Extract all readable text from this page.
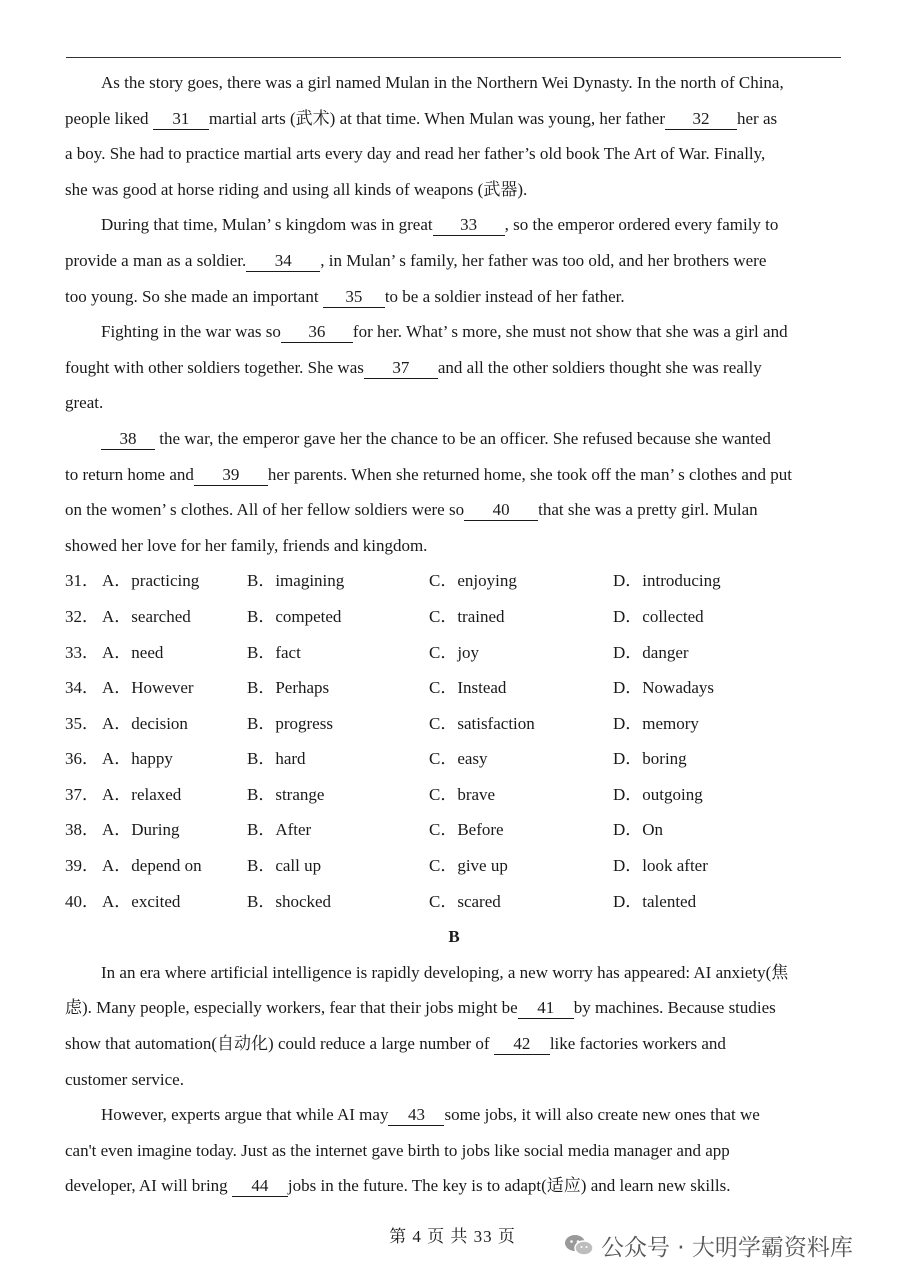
As the story goes, there was a girl named Mulan in the Northern Wei Dynasty. In the north of China,
people liked 31 martial arts (武术) at that time. When Mulan was young, her father 32 her as
a boy. She had to practice martial arts every day and read her father’s old book The Art of War. Finally,
she was good at horse riding and using all kinds of weapons (武器).
During that time, Mulan’ s kingdom was in great 33 , so the emperor ordered every family to
provide a man as a soldier. 34 , in Mulan’ s family, her father was too old, and her brothers were
too young. So she made an important 35 to be a soldier instead of her father.
Fighting in the war was so 36 for her. What’ s more, she must not show that she was a girl and
fought with other soldiers together. She was 37 and all the other soldiers thought she was really
great.
38 the war, the emperor gave her the chance to be an officer. She refused because she wanted
to return home and 39 her parents. When she returned home, she took off the man’ s clothes and put
on the women’ s clothes. All of her fellow soldiers were so 40 that she was a pretty girl. Mulan
showed her love for her family, friends and kingdom.
31． A．practicing	B．imagining	C．enjoying	D．introducing
32． A．searched	B．competed	C．trained	D．collected
33． A．need	B．fact	C．joy	D．danger
34． A．However	B．Perhaps	C．Instead	D．Nowadays
35． A．decision	B．progress	C．satisfaction	D．memory
36． A．happy	B．hard	C．easy	D．boring
37． A．relaxed	B．strange	C．brave	D．outgoing
38． A．During	B．After	C．Before	D．On
39． A．depend on	B．call up	C．give up	D．look after
40． A．excited	B．shocked	C．scared	D．talented
B
In an era where artificial intelligence is rapidly developing, a new worry has appeared: AI anxiety(焦
虑). Many people, especially workers, fear that their jobs might be 41 by machines. Because studies
show that automation(自动化) could reduce a large number of 42 like factories workers and
customer service.
However, experts argue that while AI may 43 some jobs, it will also create new ones that we
can't even imagine today. Just as the internet gave birth to jobs like social media manager and app
developer, AI will bring 44 jobs in the future. The key is to adapt(适应) and learn new skills.
第 4 页 共 33 页	公众号 · 大明学霸资料库
